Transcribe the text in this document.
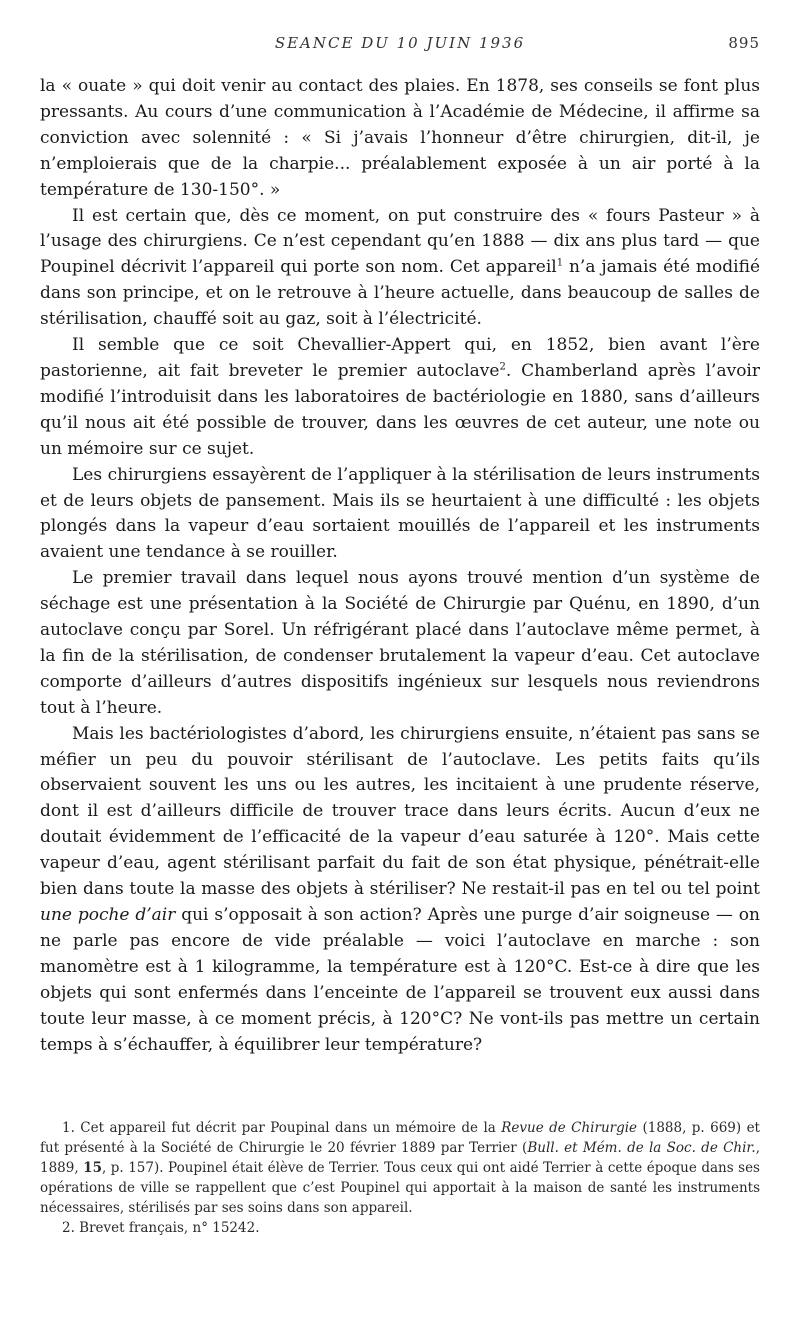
SEANCE DU 10 JUIN 1936	895

la « ouate » qui doit venir au contact des plaies. En 1878, ses conseils se font plus pressants. Au cours d’une communication à l’Académie de Médecine, il affirme sa conviction avec solennité : « Si j’avais l’honneur d’être chirurgien, dit-il, je n’emploierais que de la charpie... préalablement exposée à un air porté à la température de 130-150°. »

Il est certain que, dès ce moment, on put construire des « fours Pasteur » à l’usage des chirurgiens. Ce n’est cependant qu’en 1888 — dix ans plus tard — que Poupinel décrivit l’appareil qui porte son nom. Cet appareil$^1$ n’a jamais été modifié dans son principe, et on le retrouve à l’heure actuelle, dans beaucoup de salles de stérilisation, chauffé soit au gaz, soit à l’électricité.

Il semble que ce soit Chevallier-Appert qui, en 1852, bien avant l’ère pastorienne, ait fait breveter le premier autoclave$^2$. Chamberland après l’avoir modifié l’introduisit dans les laboratoires de bactériologie en 1880, sans d’ailleurs qu’il nous ait été possible de trouver, dans les œuvres de cet auteur, une note ou un mémoire sur ce sujet.

Les chirurgiens essayèrent de l’appliquer à la stérilisation de leurs instruments et de leurs objets de pansement. Mais ils se heurtaient à une difficulté : les objets plongés dans la vapeur d’eau sortaient mouillés de l’appareil et les instruments avaient une tendance à se rouiller.

Le premier travail dans lequel nous ayons trouvé mention d’un système de séchage est une présentation à la Société de Chirurgie par Quénu, en 1890, d’un autoclave conçu par Sorel. Un réfrigérant placé dans l’autoclave même permet, à la fin de la stérilisation, de condenser brutalement la vapeur d’eau. Cet autoclave comporte d’ailleurs d’autres dispositifs ingénieux sur lesquels nous reviendrons tout à l’heure.

Mais les bactériologistes d’abord, les chirurgiens ensuite, n’étaient pas sans se méfier un peu du pouvoir stérilisant de l’autoclave. Les petits faits qu’ils observaient souvent les uns ou les autres, les incitaient à une prudente réserve, dont il est d’ailleurs difficile de trouver trace dans leurs écrits. Aucun d’eux ne doutait évidemment de l’efficacité de la vapeur d’eau saturée à 120°. Mais cette vapeur d’eau, agent stérilisant parfait du fait de son état physique, pénétrait-elle bien dans toute la masse des objets à stériliser? Ne restait-il pas en tel ou tel point une poche d’air qui s’opposait à son action? Après une purge d’air soigneuse — on ne parle pas encore de vide préalable — voici l’autoclave en marche : son manomètre est à 1 kilogramme, la température est à 120°C. Est-ce à dire que les objets qui sont enfermés dans l’enceinte de l’appareil se trouvent eux aussi dans toute leur masse, à ce moment précis, à 120°C? Ne vont-ils pas mettre un certain temps à s’échauffer, à équilibrer leur température?

1. Cet appareil fut décrit par Poupinal dans un mémoire de la Revue de Chirurgie (1888, p. 669) et fut présenté à la Société de Chirurgie le 20 février 1889 par Terrier (Bull. et Mém. de la Soc. de Chir., 1889, 15, p. 157). Poupinel était élève de Terrier. Tous ceux qui ont aidé Terrier à cette époque dans ses opérations de ville se rappellent que c’est Poupinel qui apportait à la maison de santé les instruments nécessaires, stérilisés par ses soins dans son appareil.

2. Brevet français, n° 15242.
